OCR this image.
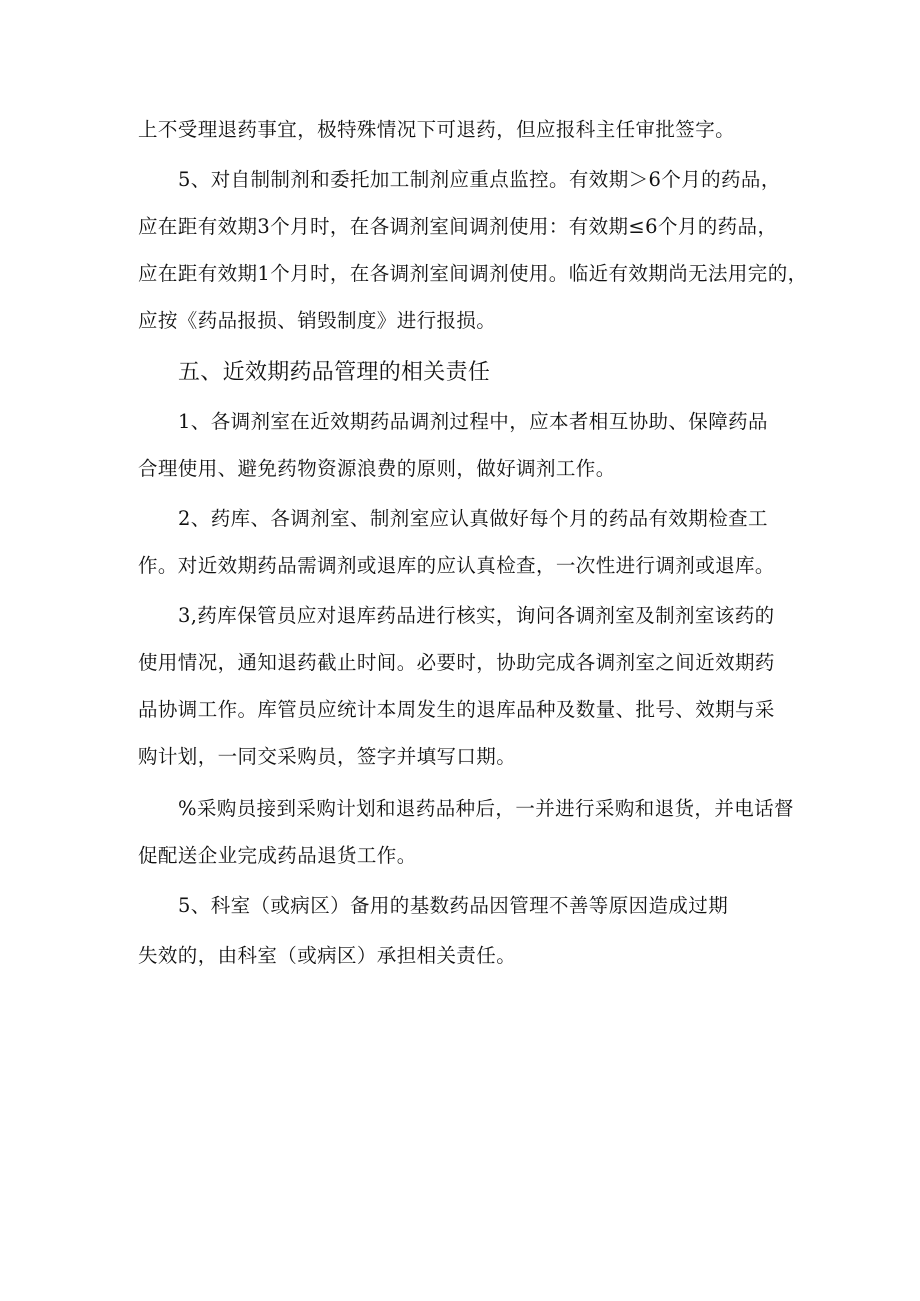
上不受理退药事宜，极特殊情况下可退药，但应报科主任审批签字。
5、对自制制剂和委托加工制剂应重点监控。有效期＞6个月的药品，
应在距有效期3个月时，在各调剂室间调剂使用：有效期≤6个月的药品，
应在距有效期1个月时，在各调剂室间调剂使用。临近有效期尚无法用完的，
应按《药品报损、销毁制度》进行报损。
五、近效期药品管理的相关责任
1、各调剂室在近效期药品调剂过程中，应本者相互协助、保障药品
合理使用、避免药物资源浪费的原则，做好调剂工作。
2、药库、各调剂室、制剂室应认真做好每个月的药品有效期检查工
作。对近效期药品需调剂或退库的应认真检查，一次性进行调剂或退库。
3,药库保管员应对退库药品进行核实，询问各调剂室及制剂室该药的
使用情况，通知退药截止时间。必要时，协助完成各调剂室之间近效期药
品协调工作。库管员应统计本周发生的退库品种及数量、批号、效期与采
购计划，一同交采购员，签字并填写口期。
%采购员接到采购计划和退药品种后，一并进行采购和退货，并电话督
促配送企业完成药品退货工作。
5、科室（或病区）备用的基数药品因管理不善等原因造成过期
失效的，由科室（或病区）承担相关责任。
